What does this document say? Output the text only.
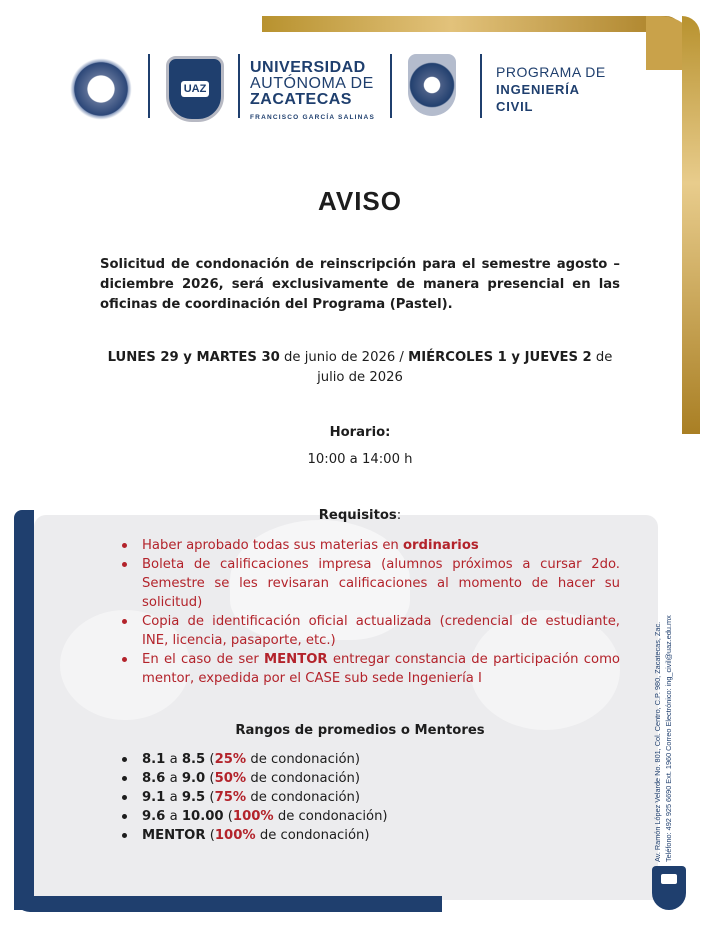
UAZ
UNIVERSIDAD
AUTÓNOMA DE
ZACATECAS
FRANCISCO GARCÍA SALINAS
PROGRAMA DE
INGENIERÍA
CIVIL
AVISO
Solicitud de condonación de reinscripción para el semestre agosto – diciembre 2026, será exclusivamente de manera presencial en las oficinas de coordinación del Programa (Pastel).
LUNES 29 y MARTES 30 de junio de 2026 / MIÉRCOLES 1 y JUEVES 2 de julio de 2026
Horario:
10:00 a 14:00 h
Requisitos:
Haber aprobado todas sus materias en ordinarios
Boleta de calificaciones impresa (alumnos próximos a cursar 2do. Semestre se les revisaran calificaciones al momento de hacer su solicitud)
Copia de identificación oficial actualizada (credencial de estudiante, INE, licencia, pasaporte, etc.)
En el caso de ser MENTOR entregar constancia de participación como mentor, expedida por el CASE sub sede Ingeniería I
Rangos de promedios o Mentores
8.1 a 8.5 (25% de condonación)
8.6 a 9.0 (50% de condonación)
9.1 a 9.5 (75% de condonación)
9.6 a 10.00 (100% de condonación)
MENTOR (100% de condonación)	Av. Ramón López Velarde No. 801, Col. Centro, C.P. 980, Zacatecas, Zac. Teléfono: 492 925 6690 Ext. 1960 Correo Electrónico: ing_civil@uaz.edu.mx
